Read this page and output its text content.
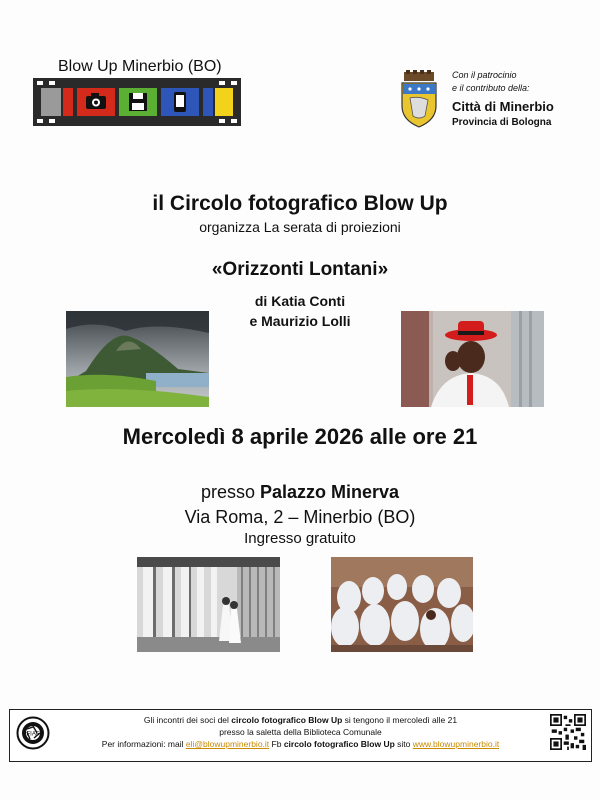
Blow Up Minerbio (BO)	Con il patrocinio
e il contributo della:
Città di Minerbio
Provincia di Bologna
il Circolo fotografico Blow Up
organizza La serata di proiezioni
«Orizzonti Lontani»
di Katia Conti
e Maurizio Lolli
Mercoledì 8 aprile 2026 alle ore 21
presso Palazzo Minerva
Via Roma, 2 – Minerbio (BO)
Ingresso gratuito
FIAF
Gli incontri dei soci del circolo fotografico Blow Up si tengono il mercoledì alle 21
presso la saletta della Biblioteca Comunale
Per informazioni: mail eli@blowupminerbio.it Fb circolo fotografico Blow Up sito www.blowupminerbio.it
